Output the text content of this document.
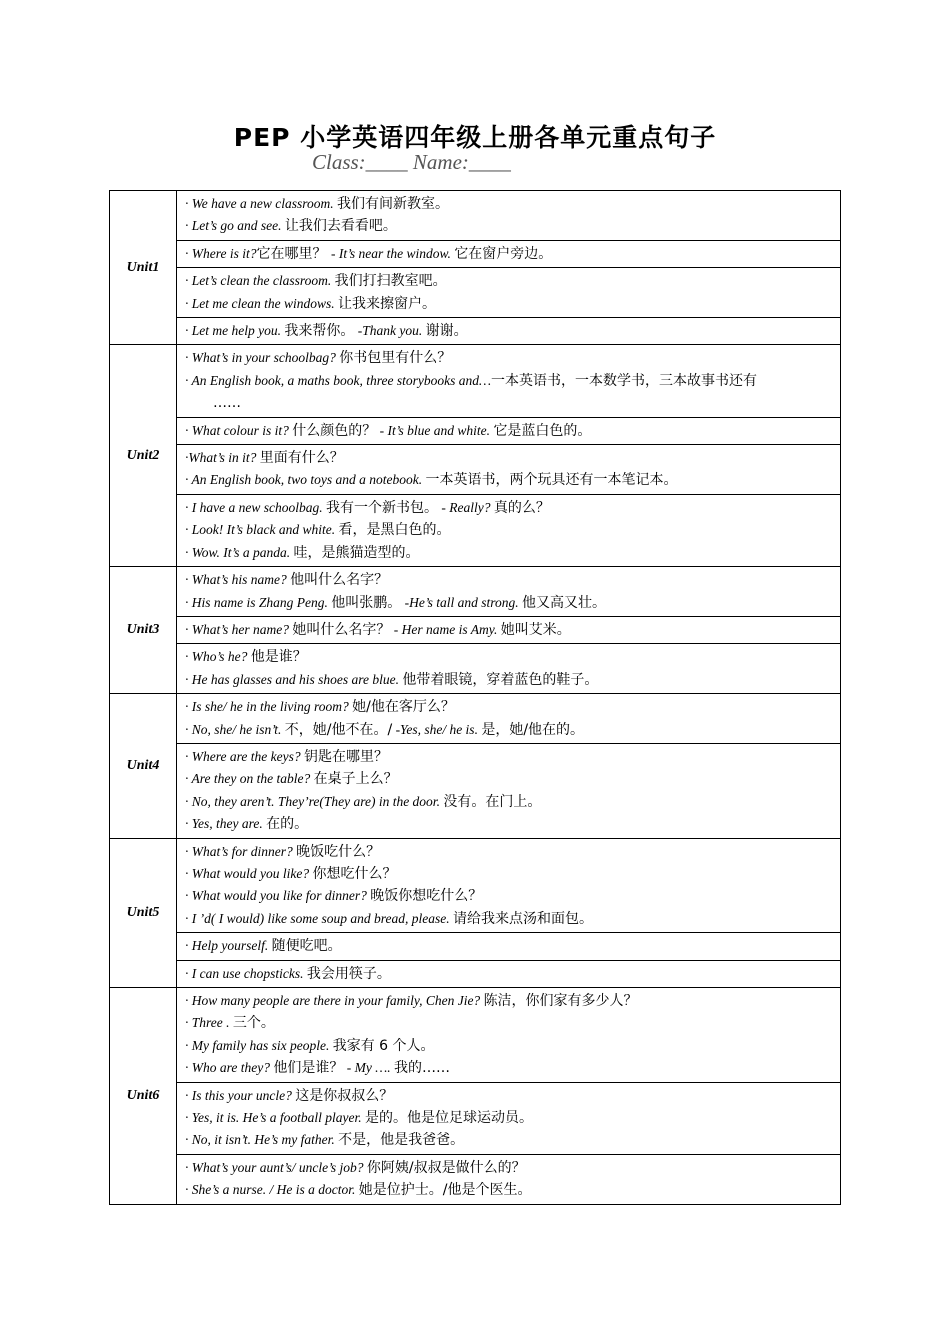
PEP 小学英语四年级上册各单元重点句子
Class:____ Name:____
Unit1	· We have a new classroom. 我们有间新教室。
· Let’s go and see. 让我们去看看吧。

	· Where is it?它在哪里？ - It’s near the window. 它在窗户旁边。

	· Let’s clean the classroom. 我们打扫教室吧。
· Let me clean the windows. 让我来擦窗户。

	· Let me help you. 我来帮你。 -Thank you. 谢谢。

Unit2	· What’s in your schoolbag? 你书包里有什么？
· An English book, a maths book, three storybooks and…一本英语书，一本数学书，三本故事书还有
……

	· What colour is it? 什么颜色的？ - It’s blue and white. 它是蓝白色的。

	·What’s in it? 里面有什么？
· An English book, two toys and a notebook. 一本英语书，两个玩具还有一本笔记本。

	· I have a new schoolbag. 我有一个新书包。 - Really? 真的么？
· Look! It’s black and white. 看，是黑白色的。
· Wow. It’s a panda. 哇，是熊猫造型的。

Unit3	· What’s his name? 他叫什么名字？
· His name is Zhang Peng. 他叫张鹏。 -He’s tall and strong. 他又高又壮。

	· What’s her name? 她叫什么名字？ - Her name is Amy. 她叫艾米。

	· Who’s he? 他是谁？
· He has glasses and his shoes are blue. 他带着眼镜，穿着蓝色的鞋子。

Unit4	· Is she/ he in the living room? 她/他在客厅么？
· No, she/ he isn’t. 不，她/他不在。/ -Yes, she/ he is. 是，她/他在的。

	· Where are the keys? 钥匙在哪里？
· Are they on the table? 在桌子上么？
· No, they aren’t. They’re(They are) in the door. 没有。在门上。
· Yes, they are. 在的。

Unit5	· What’s for dinner? 晚饭吃什么？
· What would you like? 你想吃什么？
· What would you like for dinner? 晚饭你想吃什么？
· I ’d( I would) like some soup and bread, please. 请给我来点汤和面包。

	· Help yourself. 随便吃吧。

	· I can use chopsticks. 我会用筷子。

Unit6	· How many people are there in your family, Chen Jie? 陈洁，你们家有多少人？
· Three . 三个。
· My family has six people. 我家有 6 个人。
· Who are they? 他们是谁？ - My …. 我的……

	· Is this your uncle? 这是你叔叔么？
· Yes, it is. He’s a football player. 是的。他是位足球运动员。
· No, it isn’t. He’s my father. 不是，他是我爸爸。

	· What’s your aunt’s/ uncle’s job? 你阿姨/叔叔是做什么的？
· She’s a nurse. / He is a doctor. 她是位护士。/他是个医生。
